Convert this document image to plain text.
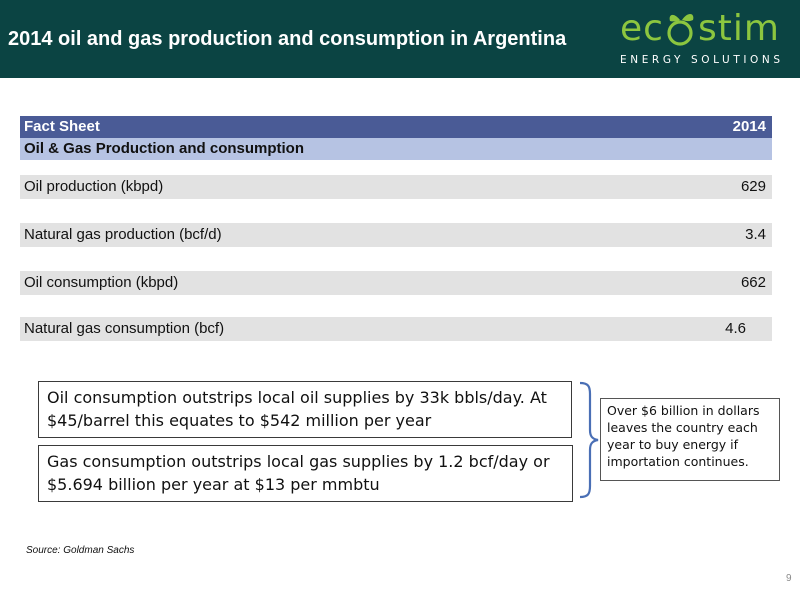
2014 oil and gas production and consumption in Argentina ec stim
ENERGY SOLUTIONS
Fact Sheet	2014
Oil & Gas Production and consumption
Oil production (kbpd)	629
Natural gas production (bcf/d)	3.4
Oil consumption (kbpd)	662
Natural gas consumption (bcf)	4.6
Oil consumption outstrips local oil supplies by 33k bbls/day. At $45/barrel this equates to $542 million per year
Gas consumption outstrips local gas supplies by 1.2 bcf/day or $5.694 billion per year at $13 per mmbtu
Over $6 billion in dollars leaves the country each year to buy energy if importation continues.
Source: Goldman Sachs
9
